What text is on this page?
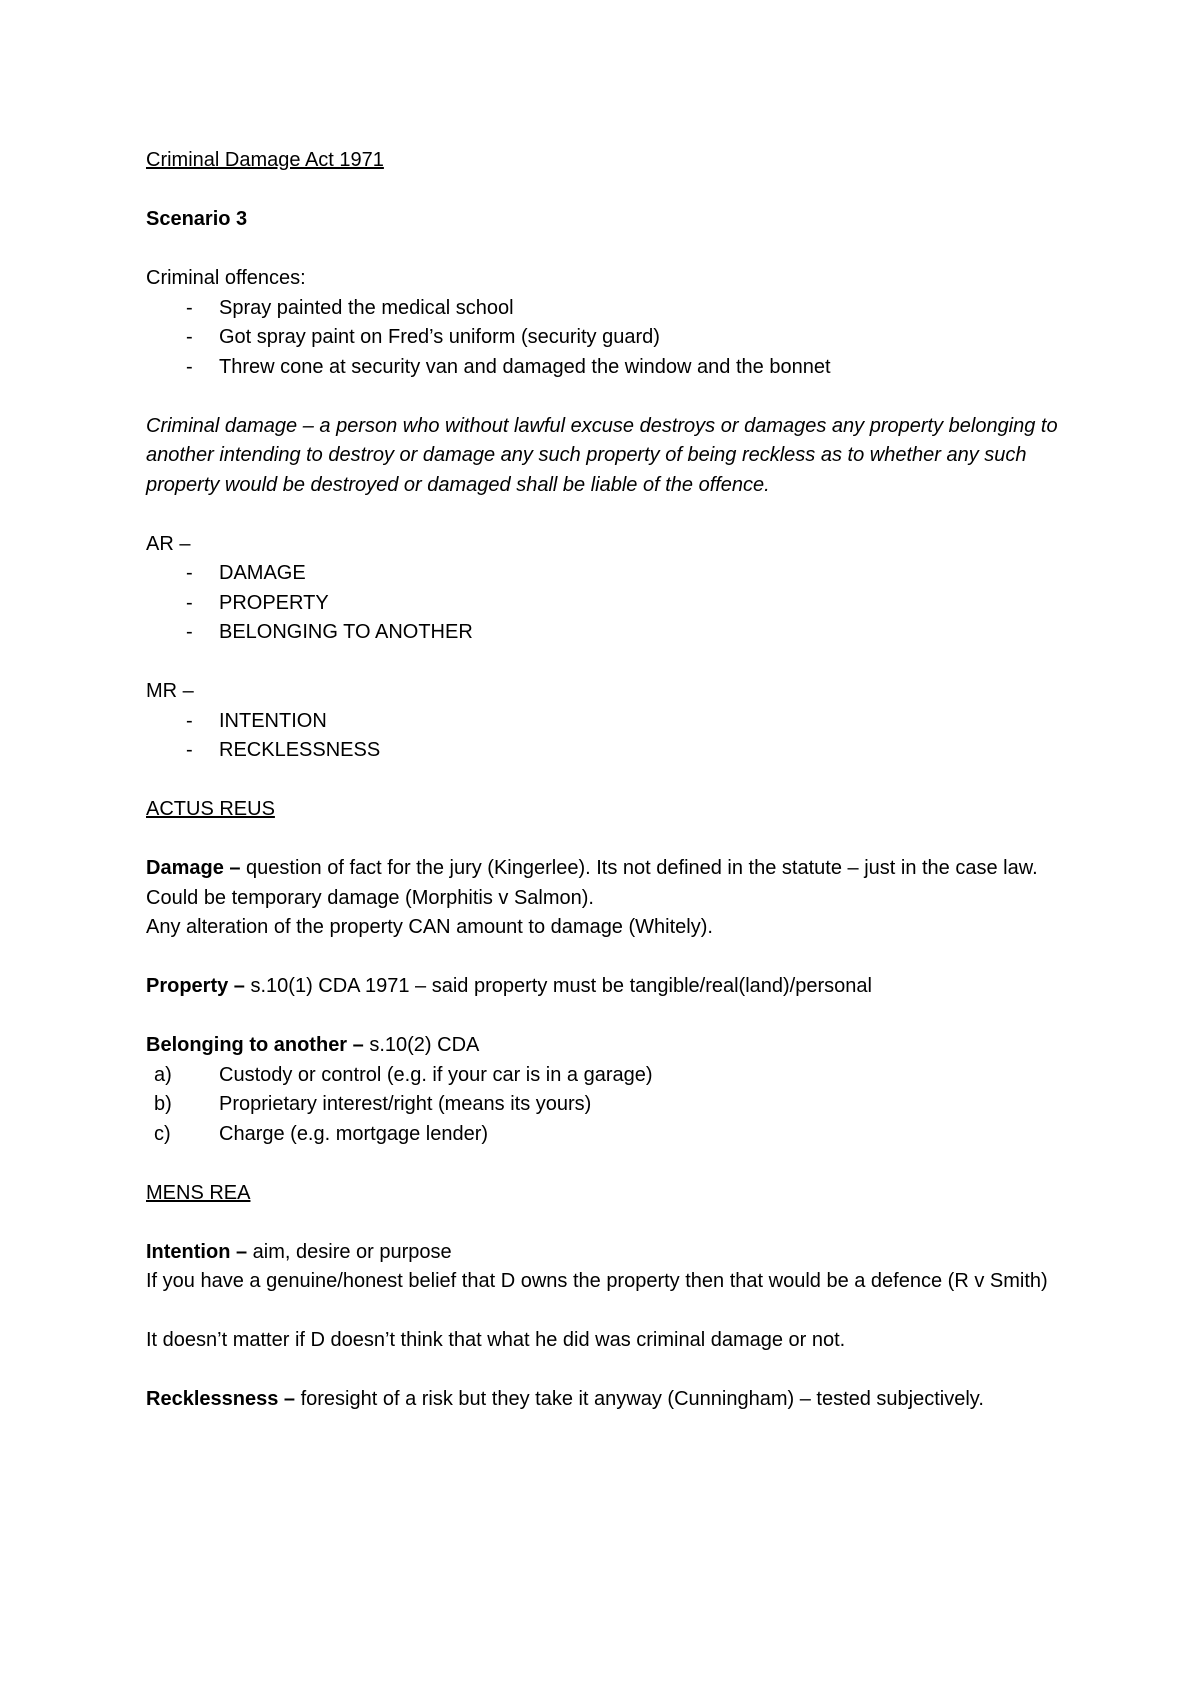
Criminal Damage Act 1971

Scenario 3

Criminal offences:

- Spray painted the medical school
- Got spray paint on Fred’s uniform (security guard)
- Threw cone at security van and damaged the window and the bonnet

Criminal damage – a person who without lawful excuse destroys or damages any property belonging to another intending to destroy or damage any such property of being reckless as to whether any such property would be destroyed or damaged shall be liable of the offence.

AR –

- DAMAGE
- PROPERTY
- BELONGING TO ANOTHER

MR –

- INTENTION
- RECKLESSNESS

ACTUS REUS

Damage – question of fact for the jury (Kingerlee). Its not defined in the statute – just in the case law. Could be temporary damage (Morphitis v Salmon).

Any alteration of the property CAN amount to damage (Whitely).

Property – s.10(1) CDA 1971 – said property must be tangible/real(land)/personal

Belonging to another – s.10(2) CDA

a) Custody or control (e.g. if your car is in a garage)
b) Proprietary interest/right (means its yours)
c) Charge (e.g. mortgage lender)

MENS REA

Intention – aim, desire or purpose

If you have a genuine/honest belief that D owns the property then that would be a defence (R v Smith)

It doesn’t matter if D doesn’t think that what he did was criminal damage or not.

Recklessness – foresight of a risk but they take it anyway (Cunningham) – tested subjectively.
